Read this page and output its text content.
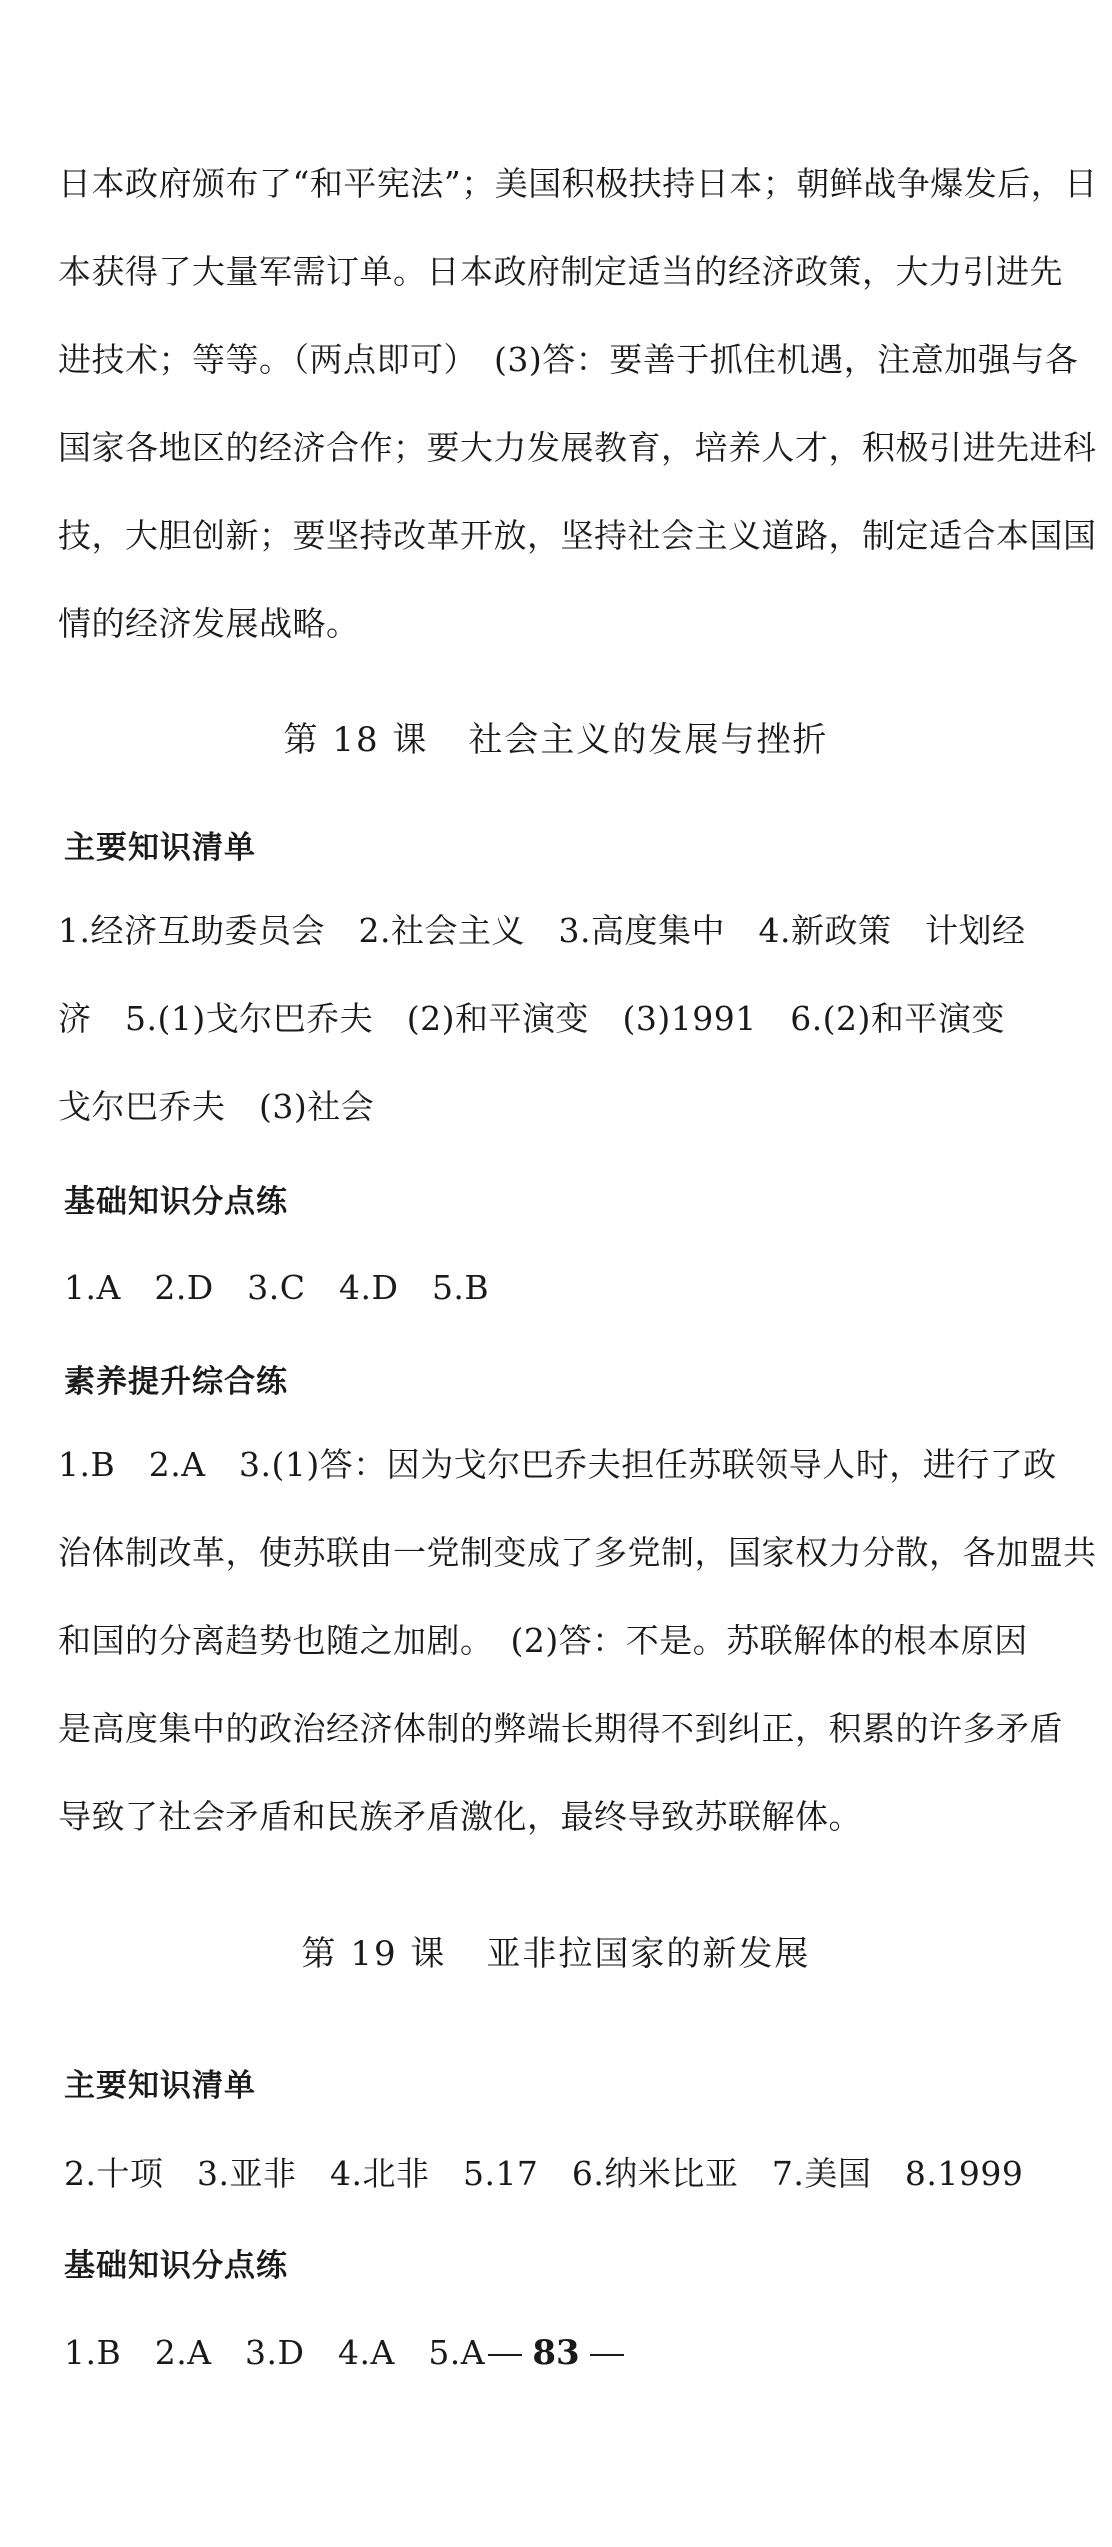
日本政府颁布了“和平宪法”；美国积极扶持日本；朝鲜战争爆发后，日
本获得了大量军需订单。日本政府制定适当的经济政策，大力引进先
进技术；等等。（两点即可）　(3)答：要善于抓住机遇，注意加强与各
国家各地区的经济合作；要大力发展教育，培养人才，积极引进先进科
技，大胆创新；要坚持改革开放，坚持社会主义道路，制定适合本国国
情的经济发展战略。
第 18 课 社会主义的发展与挫折
主要知识清单
1.经济互助委员会　2.社会主义　3.高度集中　4.新政策　计划经
济　5.(1)戈尔巴乔夫　(2)和平演变　(3)1991　6.(2)和平演变
戈尔巴乔夫　(3)社会
基础知识分点练
1.A　2.D　3.C　4.D　5.B
素养提升综合练
1.B　2.A　3.(1)答：因为戈尔巴乔夫担任苏联领导人时，进行了政
治体制改革，使苏联由一党制变成了多党制，国家权力分散，各加盟共
和国的分离趋势也随之加剧。　(2)答：不是。苏联解体的根本原因
是高度集中的政治经济体制的弊端长期得不到纠正，积累的许多矛盾
导致了社会矛盾和民族矛盾激化，最终导致苏联解体。
第 19 课 亚非拉国家的新发展
主要知识清单
2.十项　3.亚非　4.北非　5.17　6.纳米比亚　7.美国　8.1999
基础知识分点练
1.B　2.A　3.D　4.A　5.A	83
